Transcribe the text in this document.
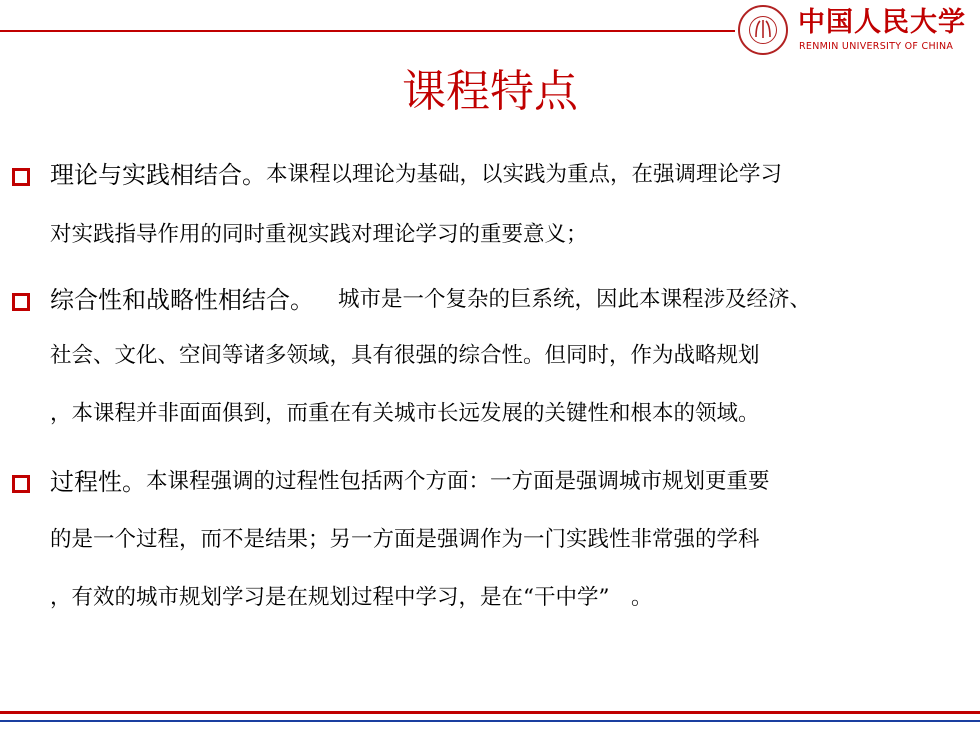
中国人民大学
RENMIN UNIVERSITY OF CHINA
课程特点
理论与实践相结合。 本课程以理论为基础，以实践为重点，在强调理论学习
对实践指导作用的同时重视实践对理论学习的重要意义；
综合性和战略性相结合。 城市是一个复杂的巨系统，因此本课程涉及经济、
社会、文化、空间等诸多领域，具有很强的综合性。但同时，作为战略规划
，本课程并非面面俱到，而重在有关城市长远发展的关键性和根本的领域。
过程性。 本课程强调的过程性包括两个方面：一方面是强调城市规划更重要
的是一个过程，而不是结果；另一方面是强调作为一门实践性非常强的学科
，有效的城市规划学习是在规划过程中学习，是在“干中学”　。
